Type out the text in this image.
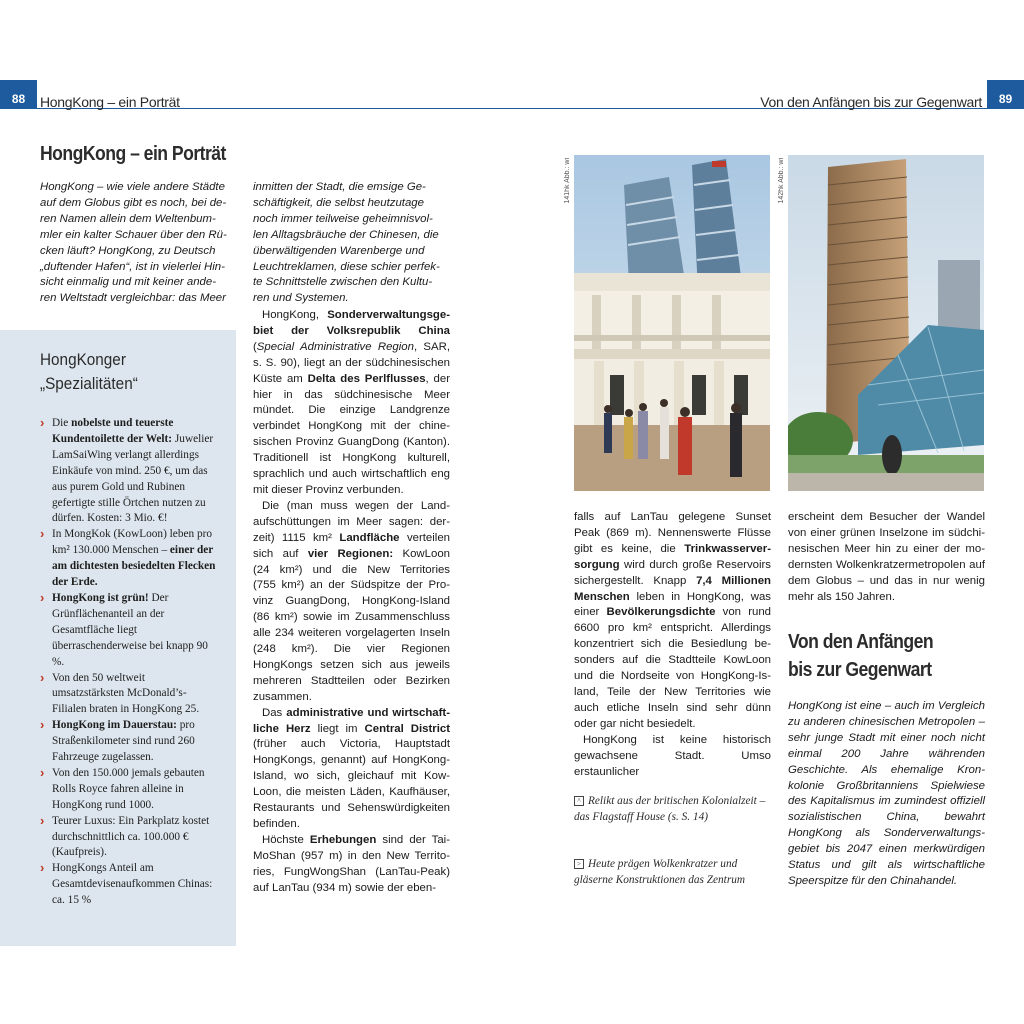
88	HongKong – ein Porträt	89
Von den Anfängen bis zur Gegenwart
HongKong – ein Porträt
HongKong – wie viele andere Städte
auf dem Globus gibt es noch, bei de-
ren Namen allein dem Weltenbum-
mler ein kalter Schauer über den Rü-
cken läuft? HongKong, zu Deutsch
„duftender Hafen“, ist in vielerlei Hin-
sicht einmalig und mit keiner ande-
ren Weltstadt vergleichbar: das Meer
HongKonger
„Spezialitäten“
› Die nobelste und teuerste Kundentoilette der Welt: Juwelier LamSaiWing verlangt allerdings Einkäufe von mind. 250 €, um das aus purem Gold und Rubinen gefertigte stille Örtchen nutzen zu dürfen. Kosten: 3 Mio. €!
› In MongKok (KowLoon) leben pro km² 130.000 Menschen – einer der am dichtesten besiedelten Flecken der Erde.
› HongKong ist grün! Der Grünflächenanteil an der Gesamtfläche liegt überraschenderweise bei knapp 90 %.
› Von den 50 weltweit umsatzstärksten McDonald’s-Filialen braten in HongKong 25.
› HongKong im Dauerstau: pro Straßenkilometer sind rund 260 Fahrzeuge zugelassen.
› Von den 150.000 jemals gebauten Rolls Royce fahren alleine in HongKong rund 1000.
› Teurer Luxus: Ein Parkplatz kostet durchschnittlich ca. 100.000 € (Kaufpreis).
› HongKongs Anteil am Gesamtdevisenaufkommen Chinas: ca. 15 %
inmitten der Stadt, die emsige Ge-
schäftigkeit, die selbst heutzutage
noch immer teilweise geheimnisvol-
len Alltagsbräuche der Chinesen, die
überwältigenden Warenberge und
Leuchtreklamen, diese schier perfek-
te Schnittstelle zwischen den Kultu-
ren und Systemen.

HongKong, Sonderverwaltungsgebiet der Volksrepublik China (Special Administrative Region, SAR, s. S. 90), liegt an der südchinesischen Küste am Delta des Perlflusses, der hier in das südchinesische Meer mündet. Die einzige Landgrenze verbindet HongKong mit der chinesischen Provinz GuangDong (Kanton). Traditionell ist HongKong kulturell, sprachlich und auch wirtschaftlich eng mit dieser Provinz verbunden.

Die (man muss wegen der Landaufschüttungen im Meer sagen: derzeit) 1115 km² Landfläche verteilen sich auf vier Regionen: KowLoon (24 km²) und die New Territories (755 km²) an der Südspitze der Provinz GuangDong, HongKong-Island (86 km²) sowie im Zusammenschluss alle 234 weiteren vorgelagerten Inseln (248 km²). Die vier Regionen HongKongs setzen sich aus jeweils mehreren Stadtteilen oder Bezirken zusammen.

Das administrative und wirtschaftliche Herz liegt im Central District (früher auch Victoria, Hauptstadt HongKongs, genannt) auf HongKong-Island, wo sich, gleichauf mit KowLoon, die meisten Läden, Kaufhäuser, Restaurants und Sehenswürdigkeiten befinden.

Höchste Erhebungen sind der TaiMoShan (957 m) in den New Territories, FungWongShan (LanTau-Peak) auf LanTau (934 m) sowie der eben-

141hk Abb.: wi	142hk Abb.: wi

falls auf LanTau gelegene Sunset Peak (869 m). Nennenswerte Flüsse gibt es keine, die Trinkwasserversorgung wird durch große Reservoirs sichergestellt. Knapp 7,4 Millionen Menschen leben in HongKong, was einer Bevölkerungsdichte von rund 6600 pro km² entspricht. Allerdings konzentriert sich die Besiedlung besonders auf die Stadtteile KowLoon und die Nordseite von HongKong-Island, Teile der New Territories wie auch etliche Inseln sind sehr dünn oder gar nicht besiedelt.

HongKong ist keine historisch gewachsene Stadt. Umso erstaunlicher

^ Relikt aus der britischen Kolonialzeit – das Flagstaff House (s. S. 14)
> Heute prägen Wolkenkratzer und gläserne Konstruktionen das Zentrum

erscheint dem Besucher der Wandel von einer grünen Inselzone im südchinesischen Meer hin zu einer der modernsten Wolkenkratzermetropolen auf dem Globus – und das in nur wenig mehr als 150 Jahren.

Von den Anfängen
bis zur Gegenwart

HongKong ist eine – auch im Vergleich zu anderen chinesischen Metropolen – sehr junge Stadt mit einer noch nicht einmal 200 Jahre währenden Geschichte. Als ehemalige Kronkolonie Großbritanniens Spielwiese des Kapitalismus im zumindest offiziell sozialistischen China, bewahrt HongKong als Sonderverwaltungsgebiet bis 2047 einen merkwürdigen Status und gilt als wirtschaftliche Speerspitze für den Chinahandel.
